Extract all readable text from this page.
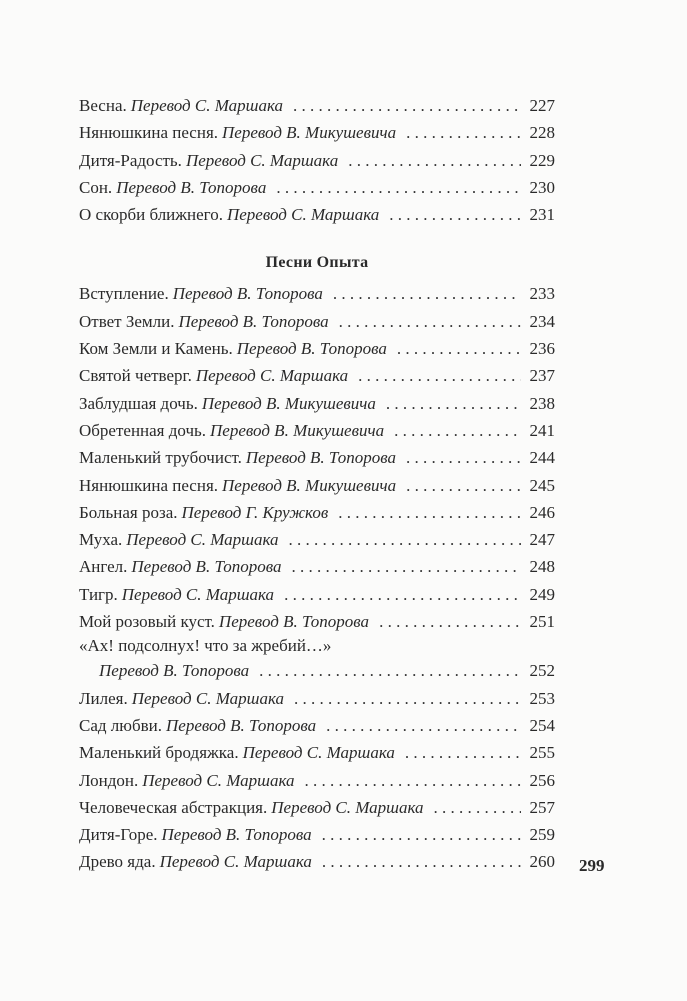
Весна. Перевод С. Маршака . . .	227
Нянюшкина песня. Перевод В. Микушевича . . .	228
Дитя-Радость. Перевод С. Маршака . . .	229
Сон. Перевод В. Топорова . . .	230
О скорби ближнего. Перевод С. Маршака . . .	231
Песни Опыта
Вступление. Перевод В. Топорова . . .	233
Ответ Земли. Перевод В. Топорова . . .	234
Ком Земли и Камень. Перевод В. Топорова . . .	236
Святой четверг. Перевод С. Маршака . . .	237
Заблудшая дочь. Перевод В. Микушевича . . .	238
Обретенная дочь. Перевод В. Микушевича . . .	241
Маленький трубочист. Перевод В. Топорова . . .	244
Нянюшкина песня. Перевод В. Микушевича . . .	245
Больная роза. Перевод Г. Кружков . . .	246
Муха. Перевод С. Маршака . . .	247
Ангел. Перевод В. Топорова . . .	248
Тигр. Перевод С. Маршака . . .	249
Мой розовый куст. Перевод В. Топорова . . .	251
«Ах! подсолнух! что за жребий…»
Перевод В. Топорова . . .	252
Лилея. Перевод С. Маршака . . .	253
Сад любви. Перевод В. Топорова . . .	254
Маленький бродяжка. Перевод С. Маршака . . .	255
Лондон. Перевод С. Маршака . . .	256
Человеческая абстракция. Перевод С. Маршака . . .	257
Дитя-Горе. Перевод В. Топорова . . .	259
Древо яда. Перевод С. Маршака . . .	260 299
